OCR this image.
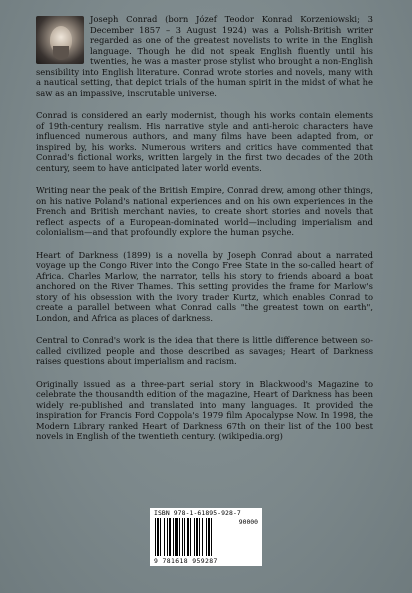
Joseph Conrad (born Józef Teodor Konrad Korzeniowski; 3 December 1857 – 3 August 1924) was a Polish-British writer regarded as one of the greatest novelists to write in the English language. Though he did not speak English fluently until his twenties, he was a master prose stylist who brought a non-English sensibility into English literature. Conrad wrote stories and novels, many with a nautical setting, that depict trials of the human spirit in the midst of what he saw as an impassive, inscrutable universe.

Conrad is considered an early modernist, though his works contain elements of 19th-century realism. His narrative style and anti-heroic characters have influenced numerous authors, and many films have been adapted from, or inspired by, his works. Numerous writers and critics have commented that Conrad's fictional works, written largely in the first two decades of the 20th century, seem to have anticipated later world events.

Writing near the peak of the British Empire, Conrad drew, among other things, on his native Poland's national experiences and on his own experiences in the French and British merchant navies, to create short stories and novels that reflect aspects of a European-dominated world—including imperialism and colonialism—and that profoundly explore the human psyche.

Heart of Darkness (1899) is a novella by Joseph Conrad about a narrated voyage up the Congo River into the Congo Free State in the so-called heart of Africa. Charles Marlow, the narrator, tells his story to friends aboard a boat anchored on the River Thames. This setting provides the frame for Marlow's story of his obsession with the ivory trader Kurtz, which enables Conrad to create a parallel between what Conrad calls "the greatest town on earth", London, and Africa as places of darkness.

Central to Conrad's work is the idea that there is little difference between so-called civilized people and those described as savages; Heart of Darkness raises questions about imperialism and racism.

Originally issued as a three-part serial story in Blackwood's Magazine to celebrate the thousandth edition of the magazine, Heart of Darkness has been widely re-published and translated into many languages. It provided the inspiration for Francis Ford Coppola's 1979 film Apocalypse Now. In 1998, the Modern Library ranked Heart of Darkness 67th on their list of the 100 best novels in English of the twentieth century. (wikipedia.org)

ISBN 978-1-61895-928-7
90000
9 781618 959287
